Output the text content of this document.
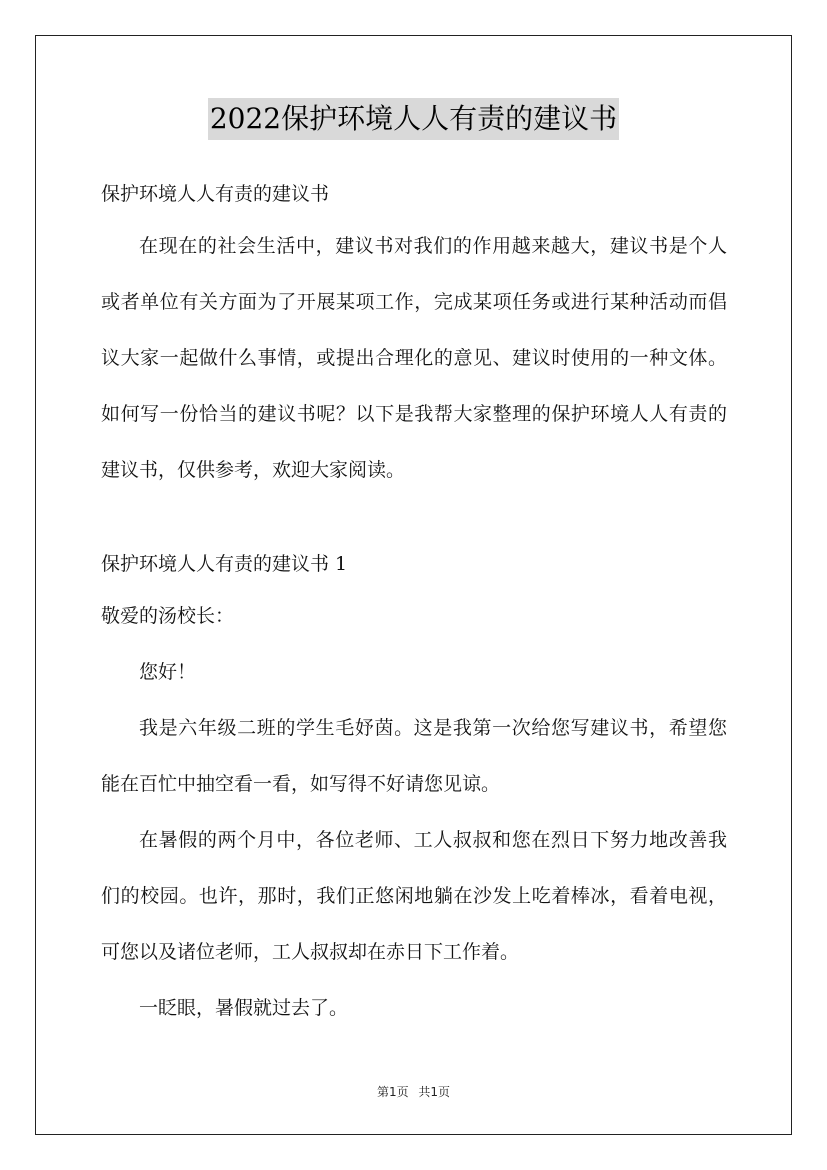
2022保护环境人人有责的建议书
保护环境人人有责的建议书

在现在的社会生活中，建议书对我们的作用越来越大，建议书是个人或者单位有关方面为了开展某项工作，完成某项任务或进行某种活动而倡议大家一起做什么事情，或提出合理化的意见、建议时使用的一种文体。如何写一份恰当的建议书呢？以下是我帮大家整理的保护环境人人有责的建议书，仅供参考，欢迎大家阅读。

保护环境人人有责的建议书 1
敬爱的汤校长：

您好！

我是六年级二班的学生毛妤茵。这是我第一次给您写建议书，希望您能在百忙中抽空看一看，如写得不好请您见谅。

在暑假的两个月中，各位老师、工人叔叔和您在烈日下努力地改善我们的校园。也许，那时，我们正悠闲地躺在沙发上吃着棒冰，看着电视，可您以及诸位老师，工人叔叔却在赤日下工作着。

一眨眼，暑假就过去了。

第1页 共1页
